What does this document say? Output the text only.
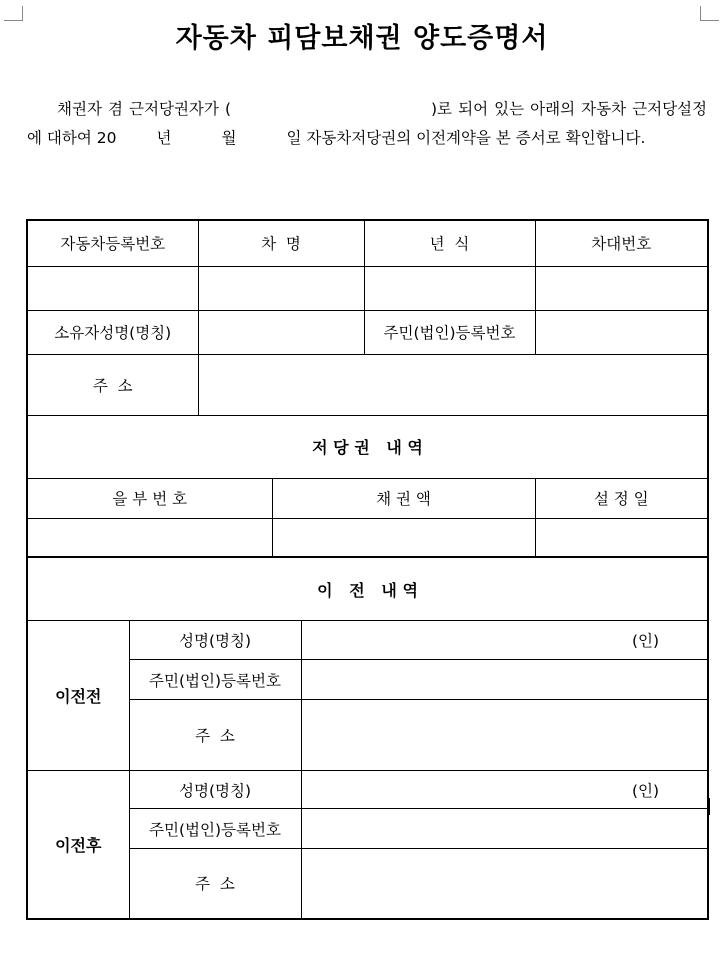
자동차 피담보채권 양도증명서

채권자 겸 근저당권자가 (	)로 되어 있는 아래의 자동차 근저당설정에 대하여 20	년	월	일 자동차저당권의 이전계약을 본 증서로 확인합니다.

자동차등록번호	차  명		년  식	차대번호

소유자성명(명칭)			주민(법인)등록번호	
주  소				
저 당 권   내 역				
을 부 번 호		채 권 액		설 정 일

이   전   내 역		
이전전	성명(명칭)	(인)
	주민(법인)등록번호	
	주  소	
이전후	성명(명칭)	(인)
	주민(법인)등록번호	
	주  소	
